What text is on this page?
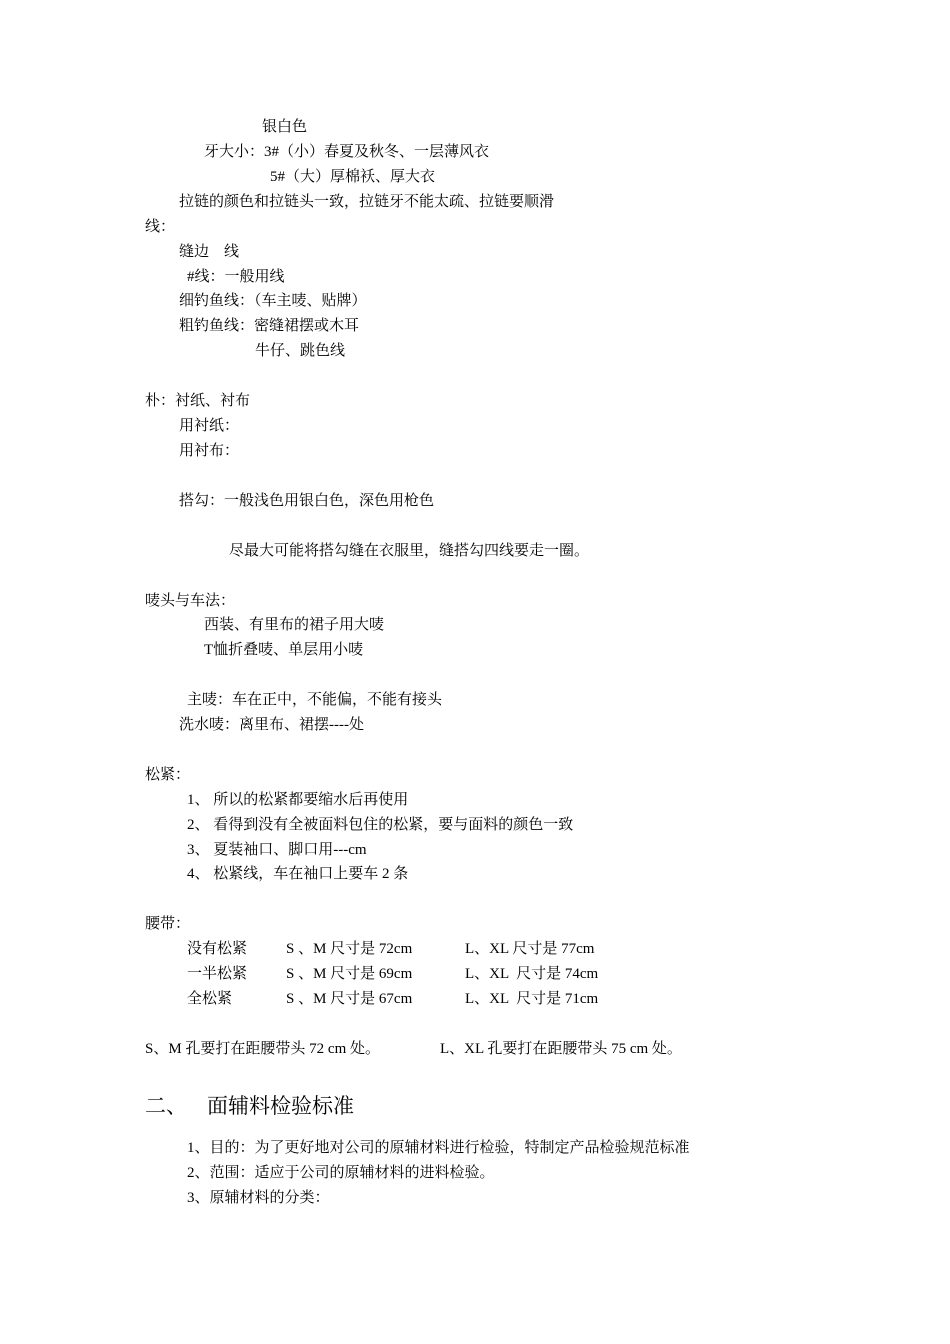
银白色
牙大小：3#（小）春夏及秋冬、一层薄风衣
5#（大）厚棉袄、厚大衣
拉链的颜色和拉链头一致，拉链牙不能太疏、拉链要顺滑
线：
缝边　线
#线：一般用线
细钓鱼线：（车主唛、贴牌）
粗钓鱼线：密缝裙摆或木耳
牛仔、跳色线
朴：衬纸、衬布
用衬纸：
用衬布：
搭勾：一般浅色用银白色，深色用枪色
尽最大可能将搭勾缝在衣服里，缝搭勾四线要走一圈。
唛头与车法：
西装、有里布的裙子用大唛
T恤折叠唛、单层用小唛
主唛：车在正中，不能偏，不能有接头
洗水唛：离里布、裙摆----处
松紧：
1、 所以的松紧都要缩水后再使用
2、 看得到没有全被面料包住的松紧，要与面料的颜色一致
3、 夏装袖口、脚口用---cm
4、 松紧线，车在袖口上要车 2 条
腰带：
没有松紧	S 、M 尺寸是 72cm	L、XL 尺寸是 77cm
一半松紧	S 、M 尺寸是 69cm	L、XL  尺寸是 74cm
全松紧	S 、M 尺寸是 67cm	L、XL  尺寸是 71cm
S、M 孔要打在距腰带头 72 cm 处。	L、XL 孔要打在距腰带头 75 cm 处。
二、 面辅料检验标准
1、目的：为了更好地对公司的原辅材料进行检验，特制定产品检验规范标准
2、范围：适应于公司的原辅材料的进料检验。
3、原辅材料的分类：
